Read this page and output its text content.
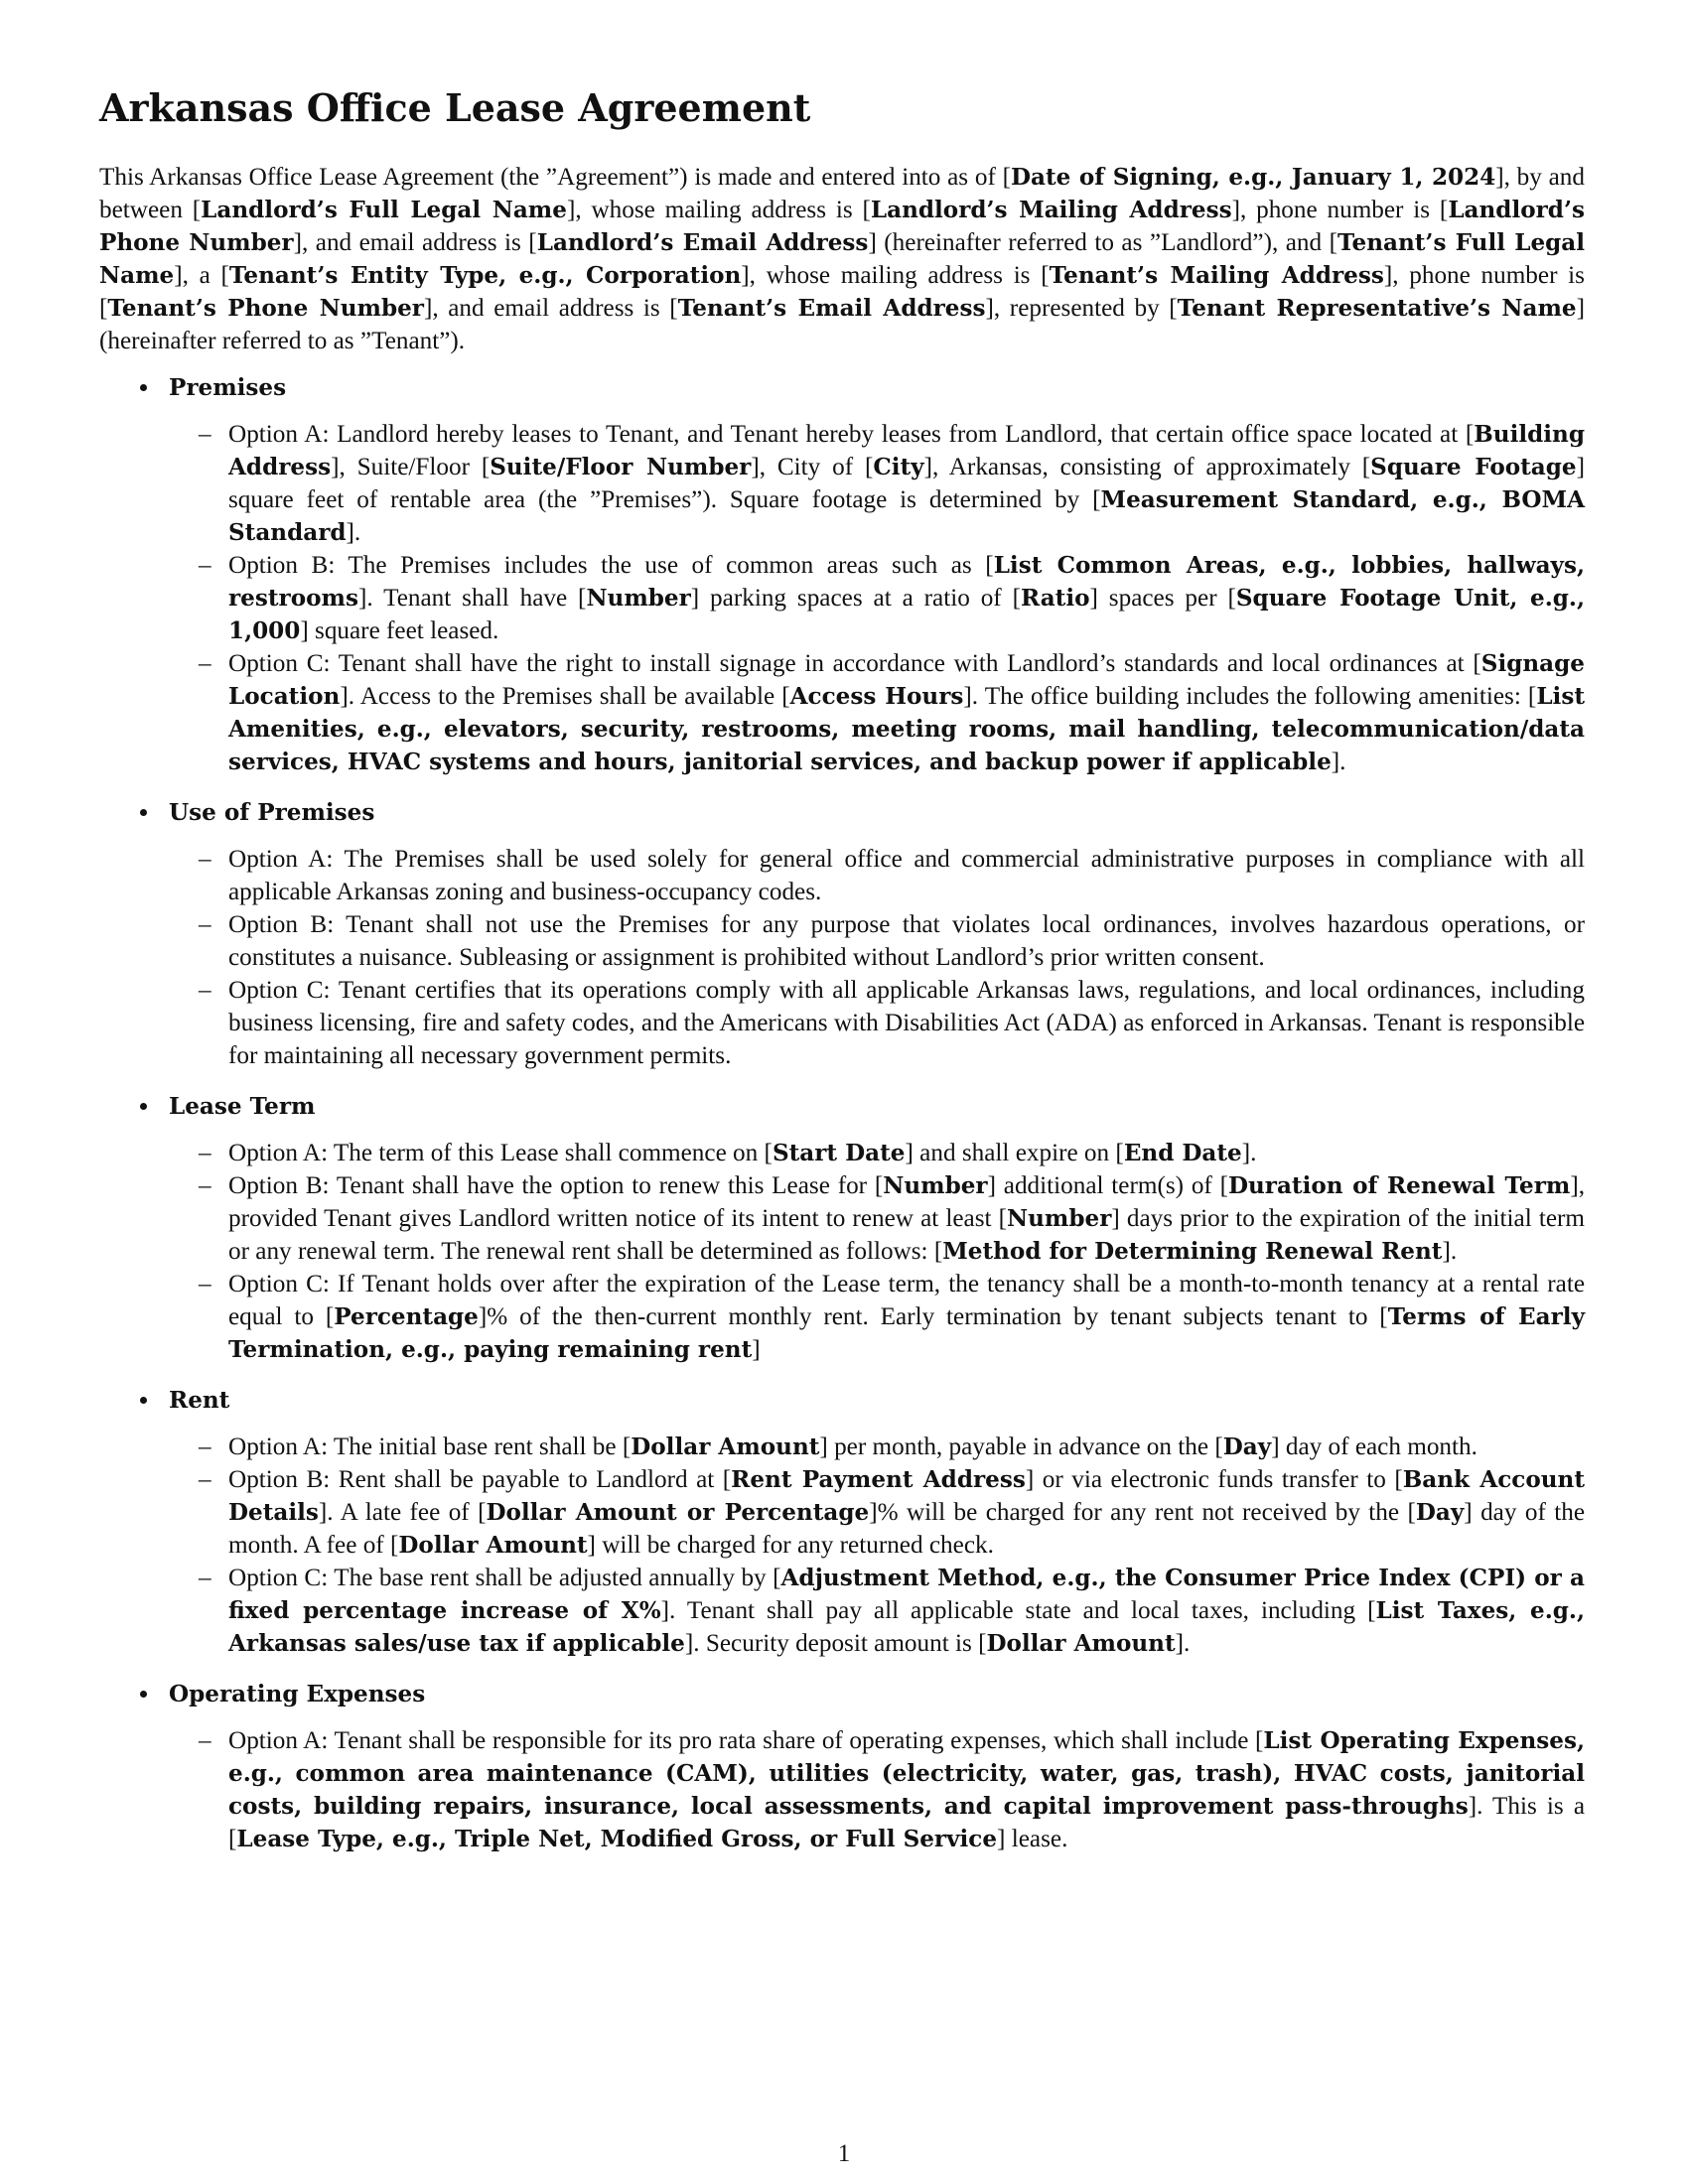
Arkansas Office Lease Agreement

This Arkansas Office Lease Agreement (the ”Agreement”) is made and entered into as of [Date of Signing, e.g., January 1, 2024], by and between [Landlord’s Full Legal Name], whose mailing address is [Landlord’s Mailing Address], phone number is [Landlord’s Phone Number], and email address is [Landlord’s Email Address] (hereinafter referred to as ”Landlord”), and [Tenant’s Full Legal Name], a [Tenant’s Entity Type, e.g., Corporation], whose mailing address is [Tenant’s Mailing Address], phone number is [Tenant’s Phone Number], and email address is [Tenant’s Email Address], represented by [Tenant Representative’s Name] (hereinafter referred to as ”Tenant”).

Premises
– Option A: Landlord hereby leases to Tenant, and Tenant hereby leases from Landlord, that certain office space located at [Building Address], Suite/Floor [Suite/Floor Number], City of [City], Arkansas, consisting of approximately [Square Footage] square feet of rentable area (the ”Premises”). Square footage is determined by [Measurement Standard, e.g., BOMA Standard].
– Option B: The Premises includes the use of common areas such as [List Common Areas, e.g., lobbies, hallways, restrooms]. Tenant shall have [Number] parking spaces at a ratio of [Ratio] spaces per [Square Footage Unit, e.g., 1,000] square feet leased.
– Option C: Tenant shall have the right to install signage in accordance with Landlord’s standards and local ordinances at [Signage Location]. Access to the Premises shall be available [Access Hours]. The office building includes the following amenities: [List Amenities, e.g., elevators, security, restrooms, meeting rooms, mail handling, telecommunication/data services, HVAC systems and hours, janitorial services, and backup power if applicable].
Use of Premises
– Option A: The Premises shall be used solely for general office and commercial administrative purposes in compliance with all applicable Arkansas zoning and business-occupancy codes.
– Option B: Tenant shall not use the Premises for any purpose that violates local ordinances, involves hazardous operations, or constitutes a nuisance. Subleasing or assignment is prohibited without Landlord’s prior written consent.
– Option C: Tenant certifies that its operations comply with all applicable Arkansas laws, regulations, and local ordinances, including business licensing, fire and safety codes, and the Americans with Disabilities Act (ADA) as enforced in Arkansas. Tenant is responsible for maintaining all necessary government permits.
Lease Term
– Option A: The term of this Lease shall commence on [Start Date] and shall expire on [End Date].
– Option B: Tenant shall have the option to renew this Lease for [Number] additional term(s) of [Duration of Renewal Term], provided Tenant gives Landlord written notice of its intent to renew at least [Number] days prior to the expiration of the initial term or any renewal term. The renewal rent shall be determined as follows: [Method for Determining Renewal Rent].
– Option C: If Tenant holds over after the expiration of the Lease term, the tenancy shall be a month-to-month tenancy at a rental rate equal to [Percentage]% of the then-current monthly rent. Early termination by tenant subjects tenant to [Terms of Early Termination, e.g., paying remaining rent]
Rent
– Option A: The initial base rent shall be [Dollar Amount] per month, payable in advance on the [Day] day of each month.
– Option B: Rent shall be payable to Landlord at [Rent Payment Address] or via electronic funds transfer to [Bank Account Details]. A late fee of [Dollar Amount or Percentage]% will be charged for any rent not received by the [Day] day of the month. A fee of [Dollar Amount] will be charged for any returned check.
– Option C: The base rent shall be adjusted annually by [Adjustment Method, e.g., the Consumer Price Index (CPI) or a fixed percentage increase of X%]. Tenant shall pay all applicable state and local taxes, including [List Taxes, e.g., Arkansas sales/use tax if applicable]. Security deposit amount is [Dollar Amount].
Operating Expenses
– Option A: Tenant shall be responsible for its pro rata share of operating expenses, which shall include [List Operating Expenses, e.g., common area maintenance (CAM), utilities (electricity, water, gas, trash), HVAC costs, janitorial costs, building repairs, insurance, local assessments, and capital improvement pass-throughs]. This is a [Lease Type, e.g., Triple Net, Modified Gross, or Full Service] lease.
1
